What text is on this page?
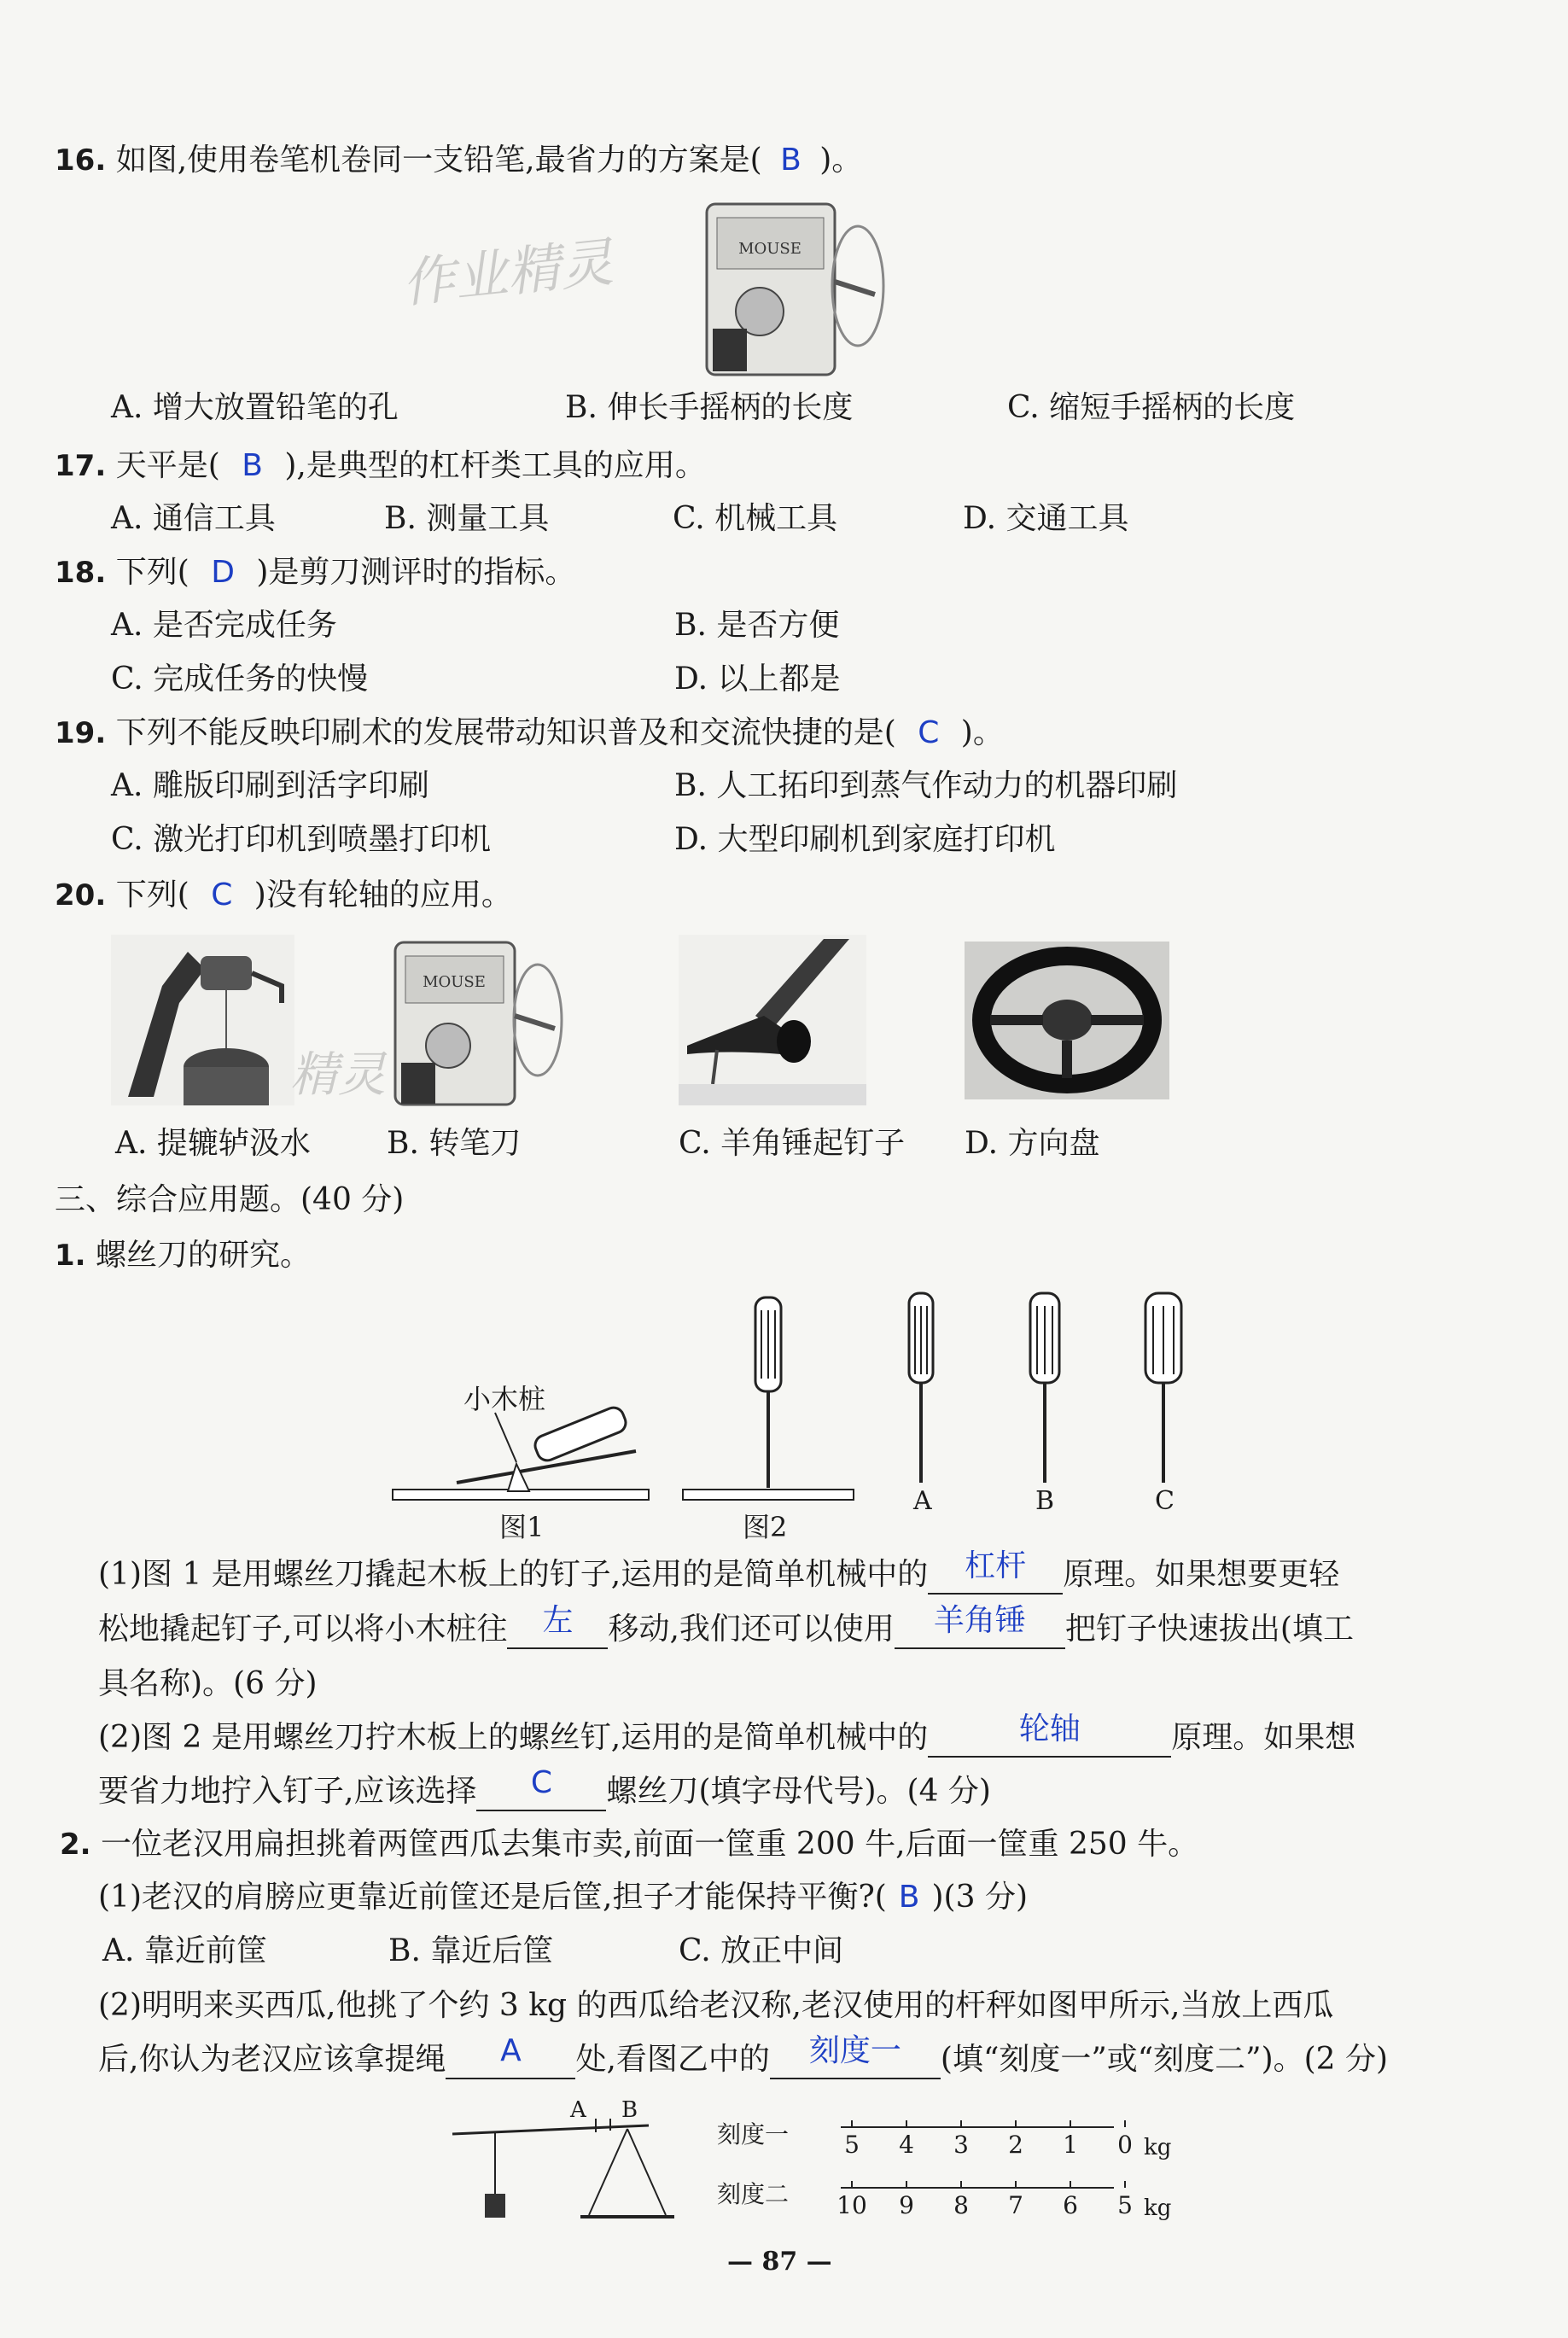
16. 如图,使用卷笔机卷同一支铅笔,最省力的方案是( B )。
作业精灵	MOUSE
A. 增大放置铅笔的孔	B. 伸长手摇柄的长度	C. 缩短手摇柄的长度
17. 天平是( B ),是典型的杠杆类工具的应用。
A. 通信工具	B. 测量工具	C. 机械工具	D. 交通工具
18. 下列( D )是剪刀测评时的指标。
A. 是否完成任务	B. 是否方便
C. 完成任务的快慢	D. 以上都是
19. 下列不能反映印刷术的发展带动知识普及和交流快捷的是( C )。
A. 雕版印刷到活字印刷	B. 人工拓印到蒸气作动力的机器印刷
C. 激光打印机到喷墨打印机	D. 大型印刷机到家庭打印机
20. 下列( C )没有轮轴的应用。
MOUSE
精灵
A. 提辘轳汲水 B. 转笔刀	C. 羊角锤起钉子 D. 方向盘
三、综合应用题。(40 分)
1. 螺丝刀的研究。
小木桩
图1	图2
A	B	C
(1)图 1 是用螺丝刀撬起木板上的钉子,运用的是简单机械中的 杠杆 原理。如果想要更轻
松地撬起钉子,可以将小木桩往 左 移动,我们还可以使用 羊角锤 把钉子快速拔出(填工
具名称)。(6 分)
(2)图 2 是用螺丝刀拧木板上的螺丝钉,运用的是简单机械中的	轮轴	原理。如果想
要省力地拧入钉子,应该选择 C 螺丝刀(填字母代号)。(4 分)
2. 一位老汉用扁担挑着两筐西瓜去集市卖,前面一筐重 200 牛,后面一筐重 250 牛。
(1)老汉的肩膀应更靠近前筐还是后筐,担子才能保持平衡?( B )(3 分)
A. 靠近前筐	B. 靠近后筐	C. 放正中间
(2)明明来买西瓜,他挑了个约 3 kg 的西瓜给老汉称,老汉使用的杆秤如图甲所示,当放上西瓜
后,你认为老汉应该拿提绳 A 处,看图乙中的 刻度一 (填“刻度一”或“刻度二”)。(2 分)
A B
刻度一 5 4 3 2 1 0 kg
刻度二 10 9 8 7 6 5 kg
— 87 —
